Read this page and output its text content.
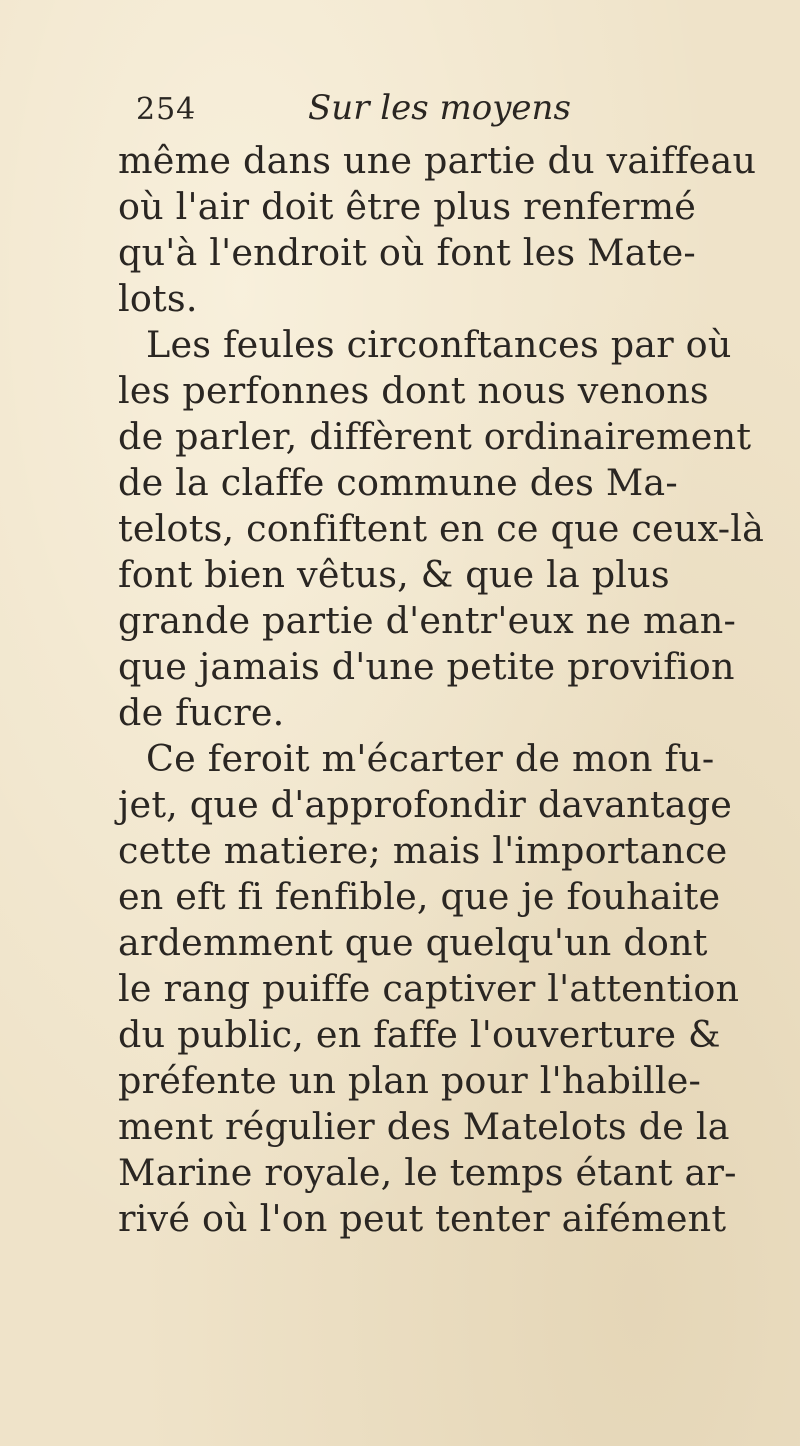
254	Sur les moyens
même dans une partie du vaiffeau
où l'air doit être plus renfermé
qu'à l'endroit où font les Mate-
lots.
Les feules circonftances par où
les perfonnes dont nous venons
de parler, diffèrent ordinairement
de la claffe commune des Ma-
telots, confiftent en ce que ceux-là
font bien vêtus, & que la plus
grande partie d'entr'eux ne man-
que jamais d'une petite provifion
de fucre.
Ce feroit m'écarter de mon fu-
jet, que d'approfondir davantage
cette matiere; mais l'importance
en eft fi fenfible, que je fouhaite
ardemment que quelqu'un dont
le rang puiffe captiver l'attention
du public, en faffe l'ouverture &
préfente un plan pour l'habille-
ment régulier des Matelots de la
Marine royale, le temps étant ar-
rivé où l'on peut tenter aifément
